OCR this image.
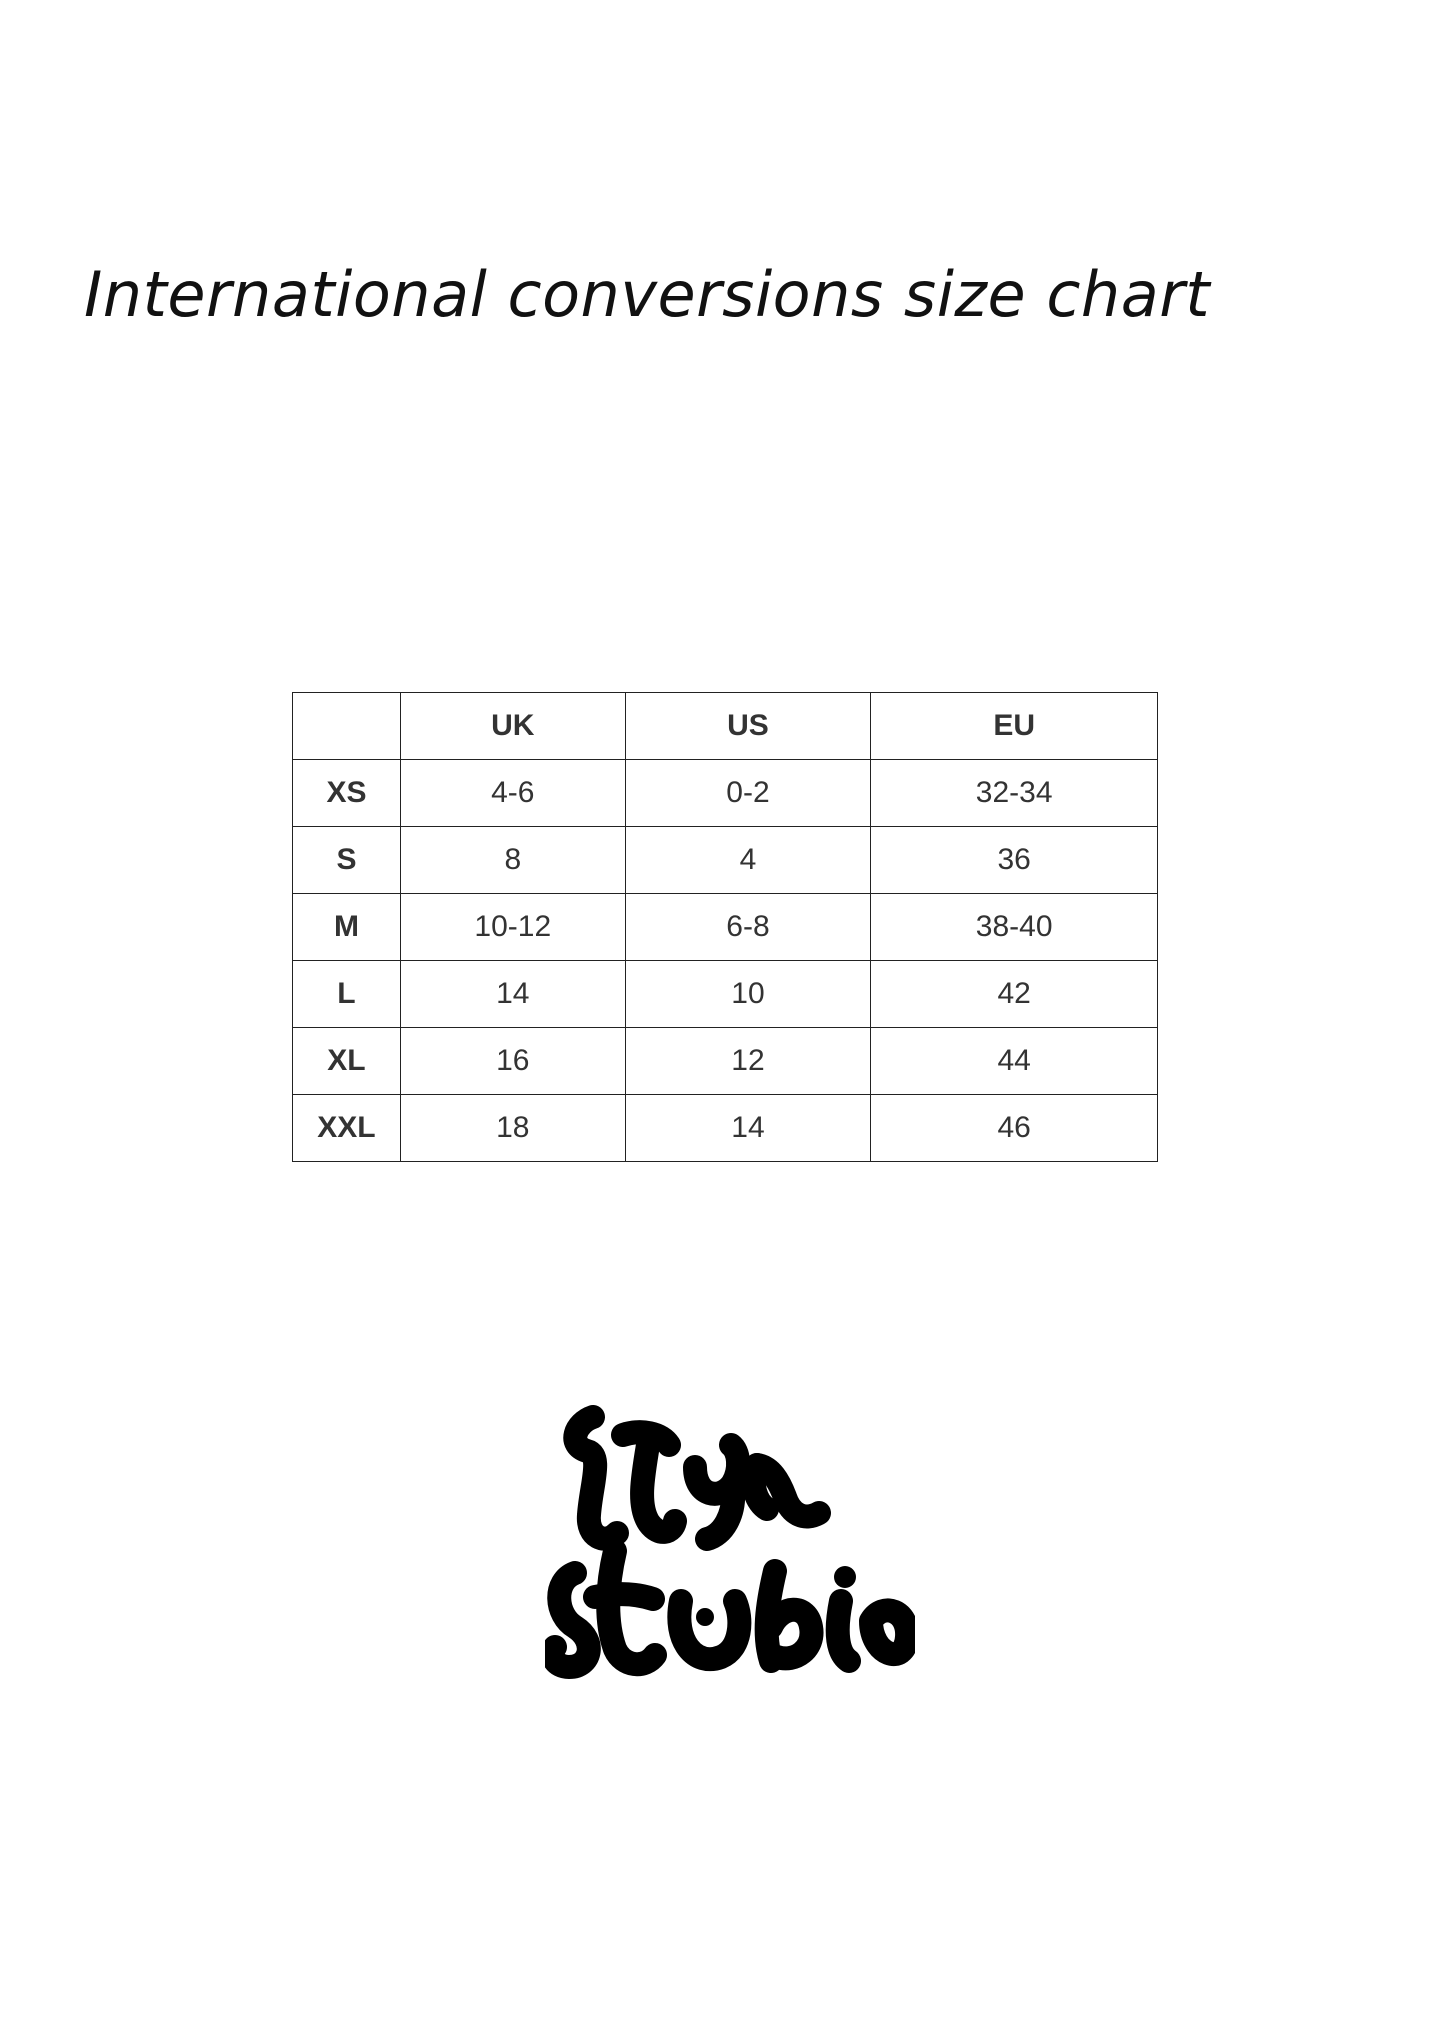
International conversions size chart
	UK	US	EU
XS	4-6	0-2	32-34
S	8	4	36
M	10-12	6-8	38-40
L	14	10	42
XL	16	12	44
XXL	18	14	46
